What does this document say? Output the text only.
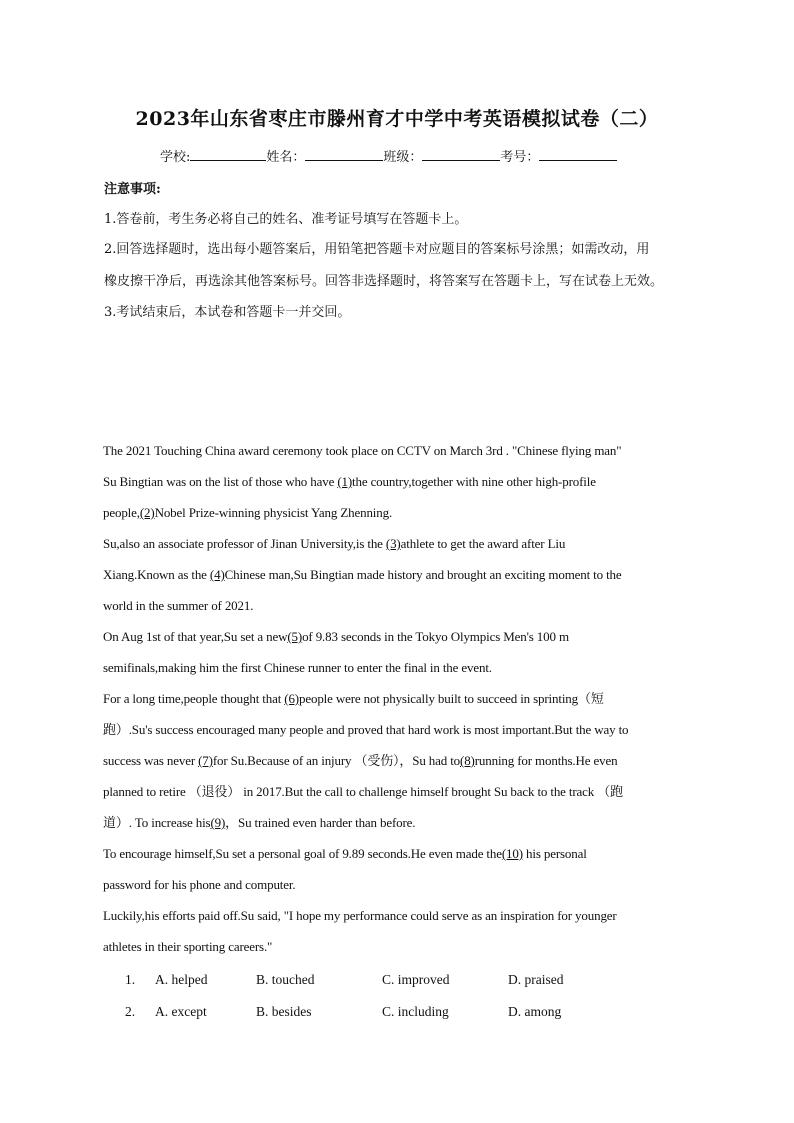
2023年山东省枣庄市滕州育才中学中考英语模拟试卷（二）
学校:	姓名：	班级：	考号：
注意事项:
1.答卷前，考生务必将自己的姓名、准考证号填写在答题卡上。
2.回答选择题时，选出每小题答案后，用铅笔把答题卡对应题目的答案标号涂黑；如需改动，用
橡皮擦干净后，再选涂其他答案标号。回答非选择题时，将答案写在答题卡上，写在试卷上无效。
3.考试结束后，本试卷和答题卡一并交回。
The 2021 Touching China award ceremony took place on CCTV on March 3rd . "Chinese flying man"
Su Bingtian was on the list of those who have (1)the country,together with nine other high-profile
people,(2)Nobel Prize-winning physicist Yang Zhenning.
Su,also an associate professor of Jinan University,is the (3)athlete to get the award after Liu
Xiang.Known as the (4)Chinese man,Su Bingtian made history and brought an exciting moment to the
world in the summer of 2021.
On Aug 1st of that year,Su set a new(5)of 9.83 seconds in the Tokyo Olympics Men's 100 m
semifinals,making him the first Chinese runner to enter the final in the event.
For a long time,people thought that (6)people were not physically built to succeed in sprinting（短
跑）.Su's success encouraged many people and proved that hard work is most important.But the way to
success was never (7)for Su.Because of an injury （受伤），Su had to(8)running for months.He even
planned to retire （退役） in 2017.But the call to challenge himself brought Su back to the track （跑
道）. To increase his(9)，Su trained even harder than before.
To encourage himself,Su set a personal goal of 9.89 seconds.He even made the(10) his personal
password for his phone and computer.
Luckily,his efforts paid off.Su said, "I hope my performance could serve as an inspiration for younger
athletes in their sporting careers."
1. A. helped	B. touched	C. improved	D. praised
2. A. except	B. besides	C. including	D. among
